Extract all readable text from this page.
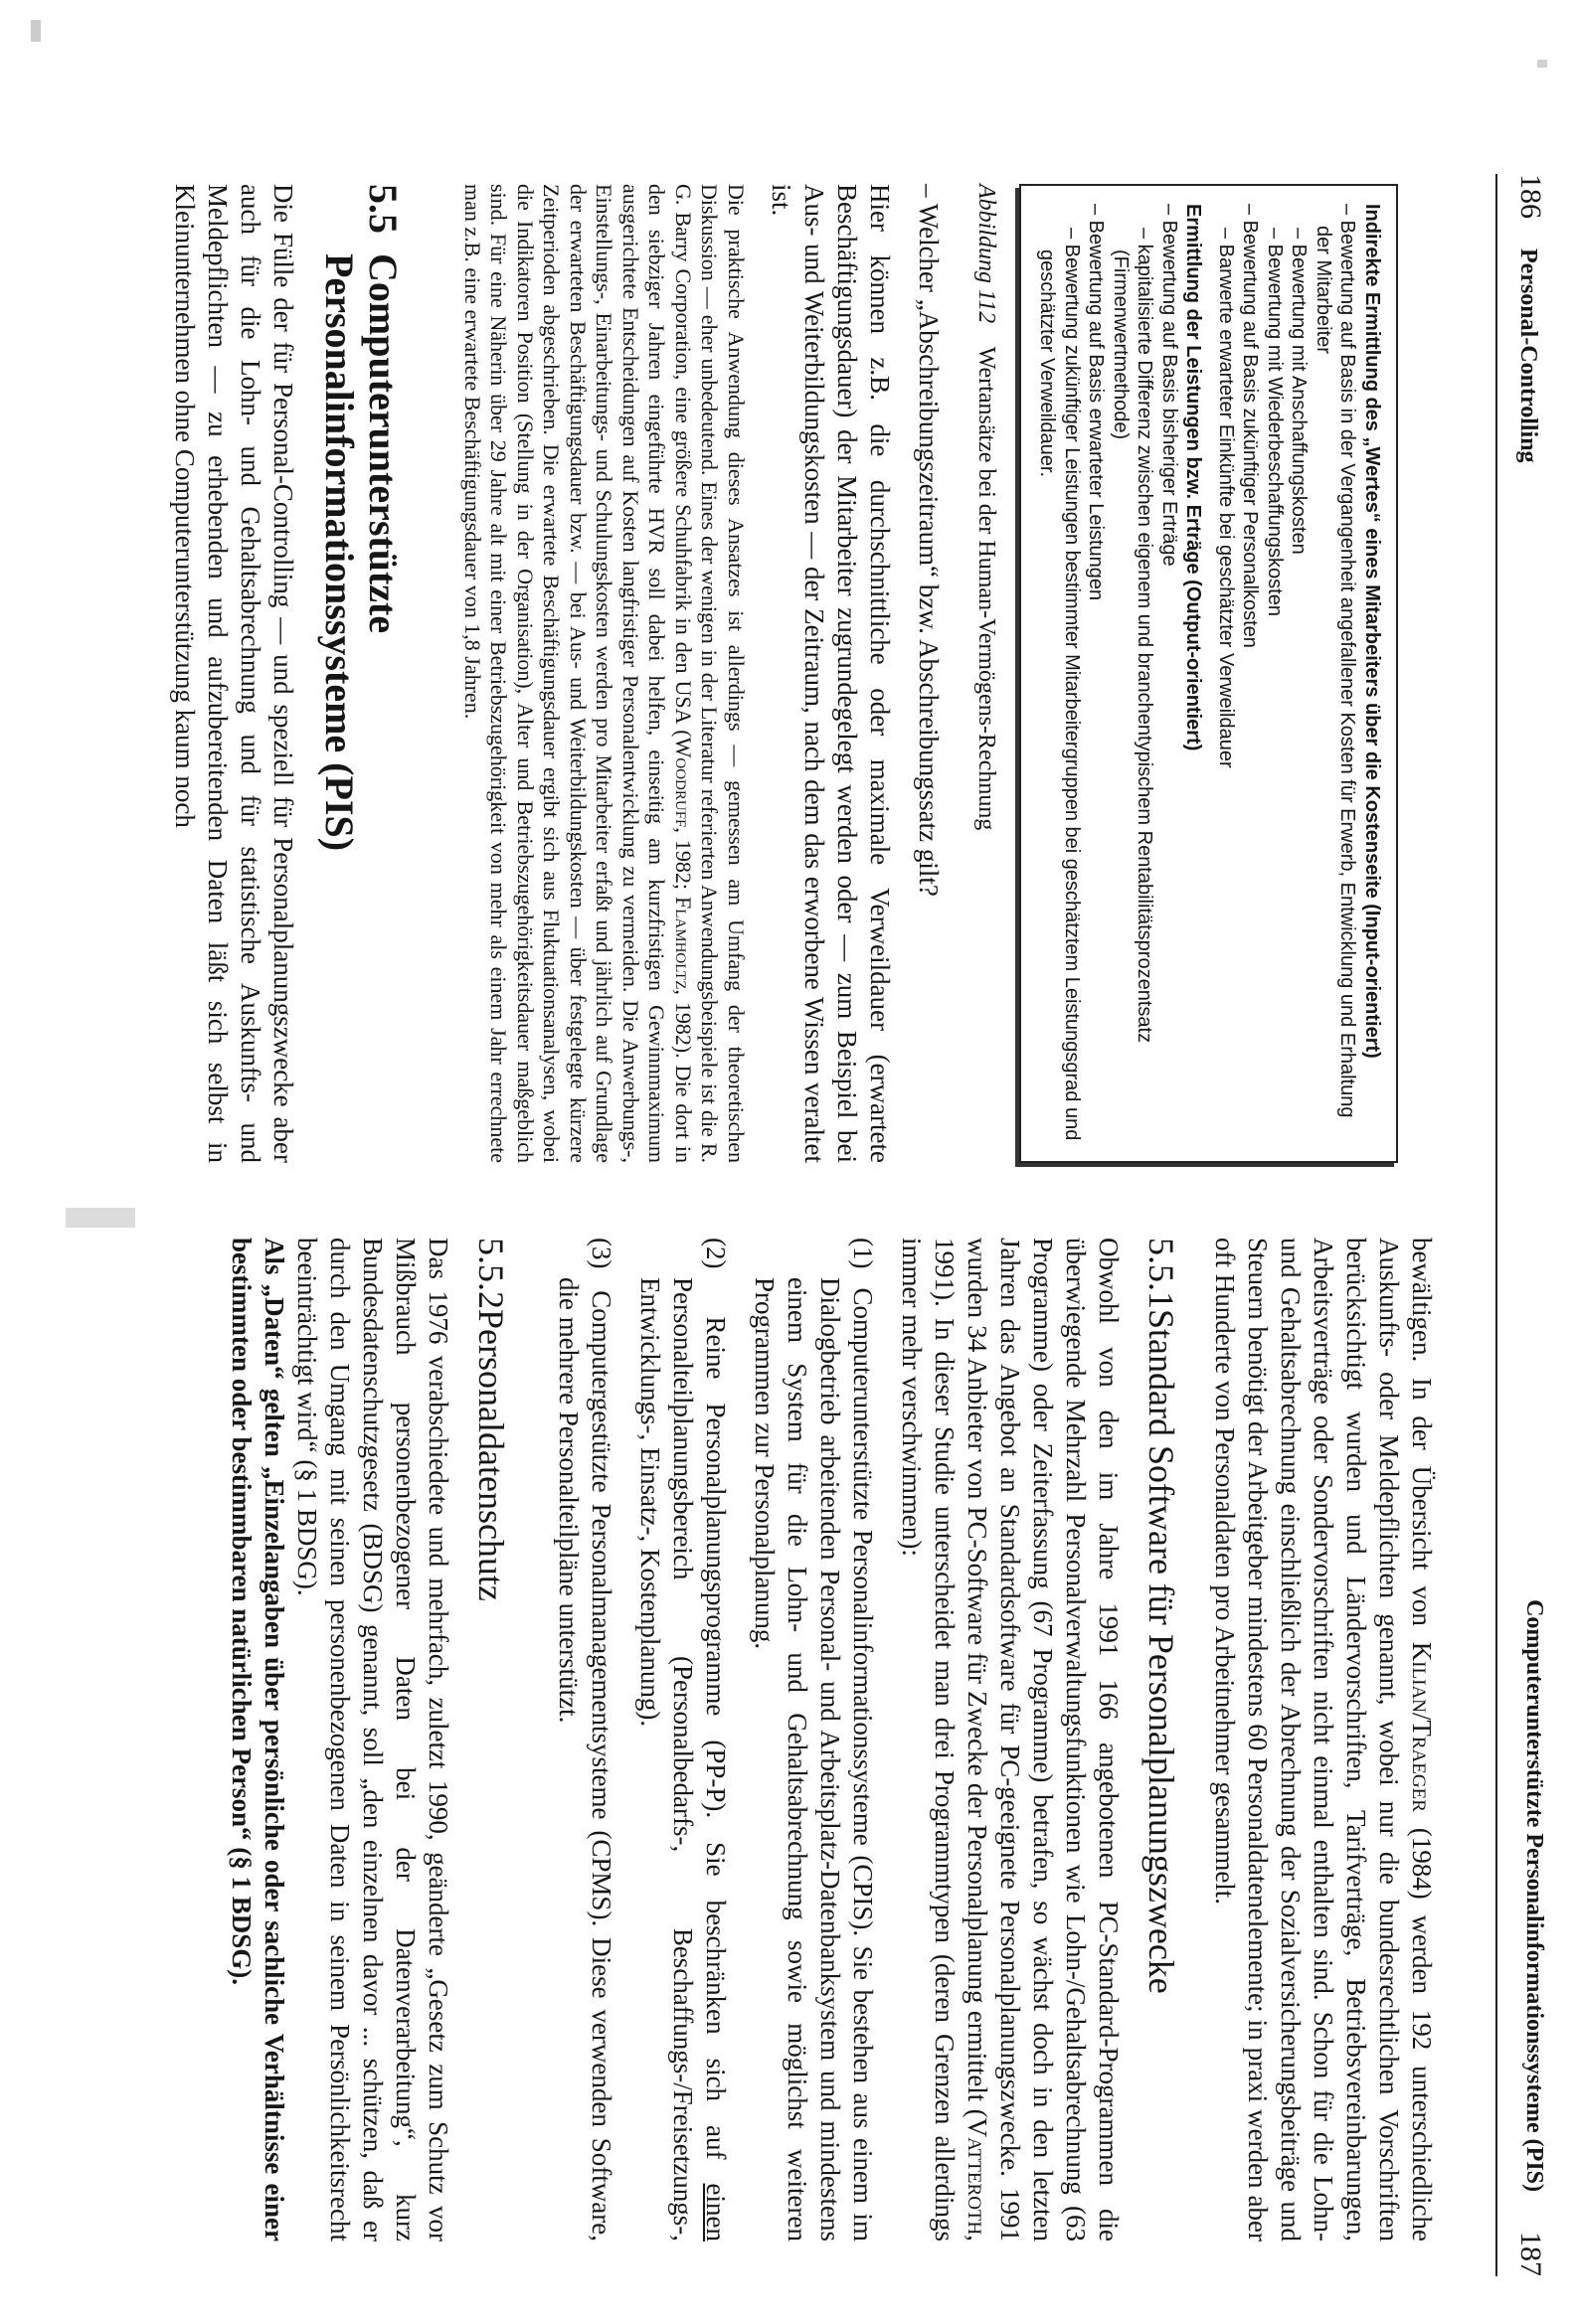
186     Personal-Controlling
Indirekte Ermittlung des „Wertes“ eines Mitarbeiters über die Kostenseite (Input-orientiert)
– Bewertung auf Basis in der Vergangenheit angefallener Kosten für Erwerb, Entwicklung und Erhaltung der Mitarbeiter
– Bewertung mit Anschaffungskosten
– Bewertung mit Wiederbeschaffungskosten
– Bewertung auf Basis zukünftiger Personalkosten
– Barwerte erwarteter Einkünfte bei geschätzter Verweildauer
Ermittlung der Leistungen bzw. Erträge (Output-orientiert)
– Bewertung auf Basis bisheriger Erträge
– kapitalisierte Differenz zwischen eigenem und branchentypischem Rentabilitätsprozentsatz (Firmenwertmethode)
– Bewertung auf Basis erwarteter Leistungen
– Bewertung zukünftiger Leistungen bestimmter Mitarbeitergruppen bei geschätztem Leistungsgrad und geschätzter Verweildauer.
Abbildung 112    Wertansätze bei der Human-Vermögens-Rechnung

– Welcher „Abschreibungszeitraum“ bzw. Abschreibungssatz gilt?

Hier können z.B. die durchschnittliche oder maximale Verweildauer (erwartete Beschäftigungsdauer) der Mitarbeiter zugrundegelegt werden oder — zum Beispiel bei Aus- und Weiterbildungskosten — der Zeitraum, nach dem das erworbene Wissen veraltet ist.

Die praktische Anwendung dieses Ansatzes ist allerdings — gemessen am Umfang der theoretischen Diskussion — eher unbedeutend. Eines der wenigen in der Literatur referierten Anwendungsbeispiele ist die R. G. Barry Corporation, eine größere Schuhfabrik in den USA (Woodruff, 1982; Flamholtz, 1982). Die dort in den siebziger Jahren eingeführte HVR soll dabei helfen, einseitig am kurzfristigen Gewinnmaximum ausgerichtete Entscheidungen auf Kosten langfristiger Personalentwicklung zu vermeiden. Die Anwerbungs-, Einstellungs-, Einarbeitungs- und Schulungskosten werden pro Mitarbeiter erfaßt und jährlich auf Grundlage der erwarteten Beschäftigungsdauer bzw. — bei Aus- und Weiterbildungskosten — über festgelegte kürzere Zeitperioden abgeschrieben. Die erwartete Beschäftigungsdauer ergibt sich aus Fluktuationsanalysen, wobei die Indikatoren Position (Stellung in der Organisation), Alter und Betriebszugehörigkeitsdauer maßgeblich sind. Für eine Näherin über 29 Jahre alt mit einer Betriebszugehörigkeit von mehr als einem Jahr errechnete man z.B. eine erwartete Beschäftigungsdauer von 1,8 Jahren.

5.5
Computerunterstützte
Personalinformationssysteme (PIS)

Die Fülle der für Personal-Controlling — und speziell für Personalplanungszwecke aber auch für die Lohn- und Gehaltsabrechnung und für statistische Auskunfts- und Meldepflichten — zu erhebenden und aufzubereitenden Daten läßt sich selbst in Kleinunternehmen ohne Computerunterstützung kaum noch

Computerunterstützte Personalinformationssysteme (PIS)
187

bewältigen. In der Übersicht von Kilian/Traeger (1984) werden 192 unterschiedliche Auskunfts- oder Meldepflichten genannt, wobei nur die bundesrechtlichen Vorschriften berücksichtigt wurden und Ländervorschriften, Tarifverträge, Betriebsvereinbarungen, Arbeitsverträge oder Sondervorschriften nicht einmal enthalten sind. Schon für die Lohn- und Gehaltsabrechnung einschließlich der Abrechnung der Sozialversicherungsbeiträge und Steuern benötigt der Arbeitgeber mindestens 60 Personaldatenelemente; in praxi werden aber oft Hunderte von Personaldaten pro Arbeitnehmer gesammelt.

5.5.1
Standard Software für Personalplanungszwecke

Obwohl von den im Jahre 1991 166 angebotenen PC-Standard-Programmen die überwiegende Mehrzahl Personalverwaltungsfunktionen wie Lohn-/Gehaltsabrechnung (63 Programme) oder Zeiterfassung (67 Programme) betrafen, so wächst doch in den letzten Jahren das Angebot an Standardsoftware für PC-geeignete Personalplanungszwecke. 1991 wurden 34 Anbieter von PC-Software für Zwecke der Personalplanung ermittelt (Vatteroth, 1991). In dieser Studie unterscheidet man drei Programmtypen (deren Grenzen allerdings immer mehr verschwimmen):

(1)  Computerunterstützte Personalinformationssysteme (CPIS). Sie bestehen aus einem im Dialogbetrieb arbeitenden Personal- und Arbeitsplatz-Datenbanksystem und mindestens einem System für die Lohn- und Gehaltsabrechnung sowie möglichst weiteren Programmen zur Personalplanung.

(2)  Reine Personalplanungsprogramme (PP-P). Sie beschränken sich auf einen Personalteilplanungsbereich (Personalbedarfs-, Beschaffungs-/Freisetzungs-, Entwicklungs-, Einsatz-, Kostenplanung).

(3)  Computergestützte Personalmanagementsysteme (CPMS). Diese verwenden Software, die mehrere Personalteilpläne unterstützt.

5.5.2
Personaldatenschutz

Das 1976 verabschiedete und mehrfach, zuletzt 1990, geänderte „Gesetz zum Schutz vor Mißbrauch personenbezogener Daten bei der Datenverarbeitung“, kurz Bundesdatenschutzgesetz (BDSG) genannt, soll „den einzelnen davor ... schützen, daß er durch den Umgang mit seinen personenbezogenen Daten in seinem Persönlichkeitsrecht beeinträchtigt wird“ (§ 1 BDSG).

Als „Daten“ gelten „Einzelangaben über persönliche oder sachliche Verhältnisse einer bestimmten oder bestimmbaren natürlichen Person“ (§ 1 BDSG).
